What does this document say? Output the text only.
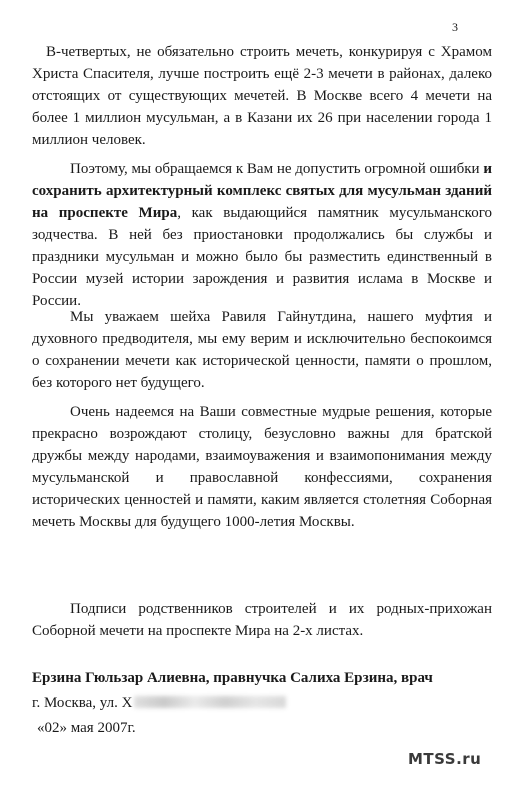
3

В-четвертых, не обязательно строить мечеть, конкурируя с Храмом Христа Спасителя, лучше построить ещё 2-3 мечети в районах, далеко отстоящих от существующих мечетей. В Москве всего 4 мечети на более 1 миллион мусульман, а в Казани их 26 при населении города 1 миллион человек.

Поэтому, мы обращаемся к Вам не допустить огромной ошибки и сохранить архитектурный комплекс святых для мусульман зданий на проспекте Мира, как выдающийся памятник мусульманского зодчества. В ней без приостановки продолжались бы службы и праздники мусульман и можно было бы разместить единственный в России музей истории зарождения и развития ислама в Москве и России.

Мы уважаем шейха Равиля Гайнутдина, нашего муфтия и духовного предводителя, мы ему верим и исключительно беспокоимся о сохранении мечети как исторической ценности, памяти о прошлом, без которого нет будущего.

Очень надеемся на Ваши совместные мудрые решения, которые прекрасно возрождают столицу, безусловно важны для братской дружбы между народами, взаимоуважения и взаимопонимания между мусульманской и православной конфессиями, сохранения исторических ценностей и памяти, каким является столетняя Соборная мечеть Москвы для будущего 1000-летия Москвы.

Подписи родственников строителей и их родных-прихожан Соборной мечети на проспекте Мира на 2-х листах.

Ерзина Гюльзар Алиевна, правнучка Салиха Ерзина, врач
г. Москва, ул. Х
«02» мая 2007г.
MTSS.ru
